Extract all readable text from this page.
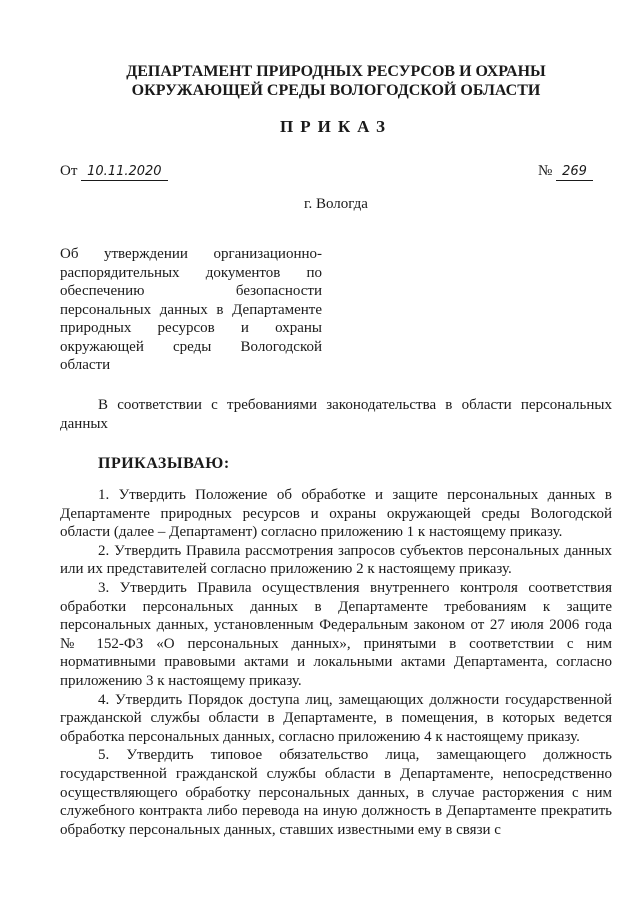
ДЕПАРТАМЕНТ ПРИРОДНЫХ РЕСУРСОВ И ОХРАНЫ
ОКРУЖАЮЩЕЙ СРЕДЫ ВОЛОГОДСКОЙ ОБЛАСТИ
ПРИКАЗ
От 10.11.2020	№ 269
г. Вологда
Об утверждении организационно-распорядительных документов по обеспечению безопасности персональных данных в Департаменте природных ресурсов и охраны окружающей среды Вологодской области
В соответствии с требованиями законодательства в области персональных данных
ПРИКАЗЫВАЮ:

1. Утвердить Положение об обработке и защите персональных данных в Департаменте природных ресурсов и охраны окружающей среды Вологодской области (далее – Департамент) согласно приложению 1 к настоящему приказу.

2. Утвердить Правила рассмотрения запросов субъектов персональных данных или их представителей согласно приложению 2 к настоящему приказу.

3. Утвердить Правила осуществления внутреннего контроля соответствия обработки персональных данных в Департаменте требованиям к защите персональных данных, установленным Федеральным законом от 27 июля 2006 года № 152-ФЗ «О персональных данных», принятыми в соответствии с ним нормативными правовыми актами и локальными актами Департамента, согласно приложению 3 к настоящему приказу.

4. Утвердить Порядок доступа лиц, замещающих должности государственной гражданской службы области в Департаменте, в помещения, в которых ведется обработка персональных данных, согласно приложению 4 к настоящему приказу.

5. Утвердить типовое обязательство лица, замещающего должность государственной гражданской службы области в Департаменте, непосредственно осуществляющего обработку персональных данных, в случае расторжения с ним служебного контракта либо перевода на иную должность в Департаменте прекратить обработку персональных данных, ставших известными ему в связи с
